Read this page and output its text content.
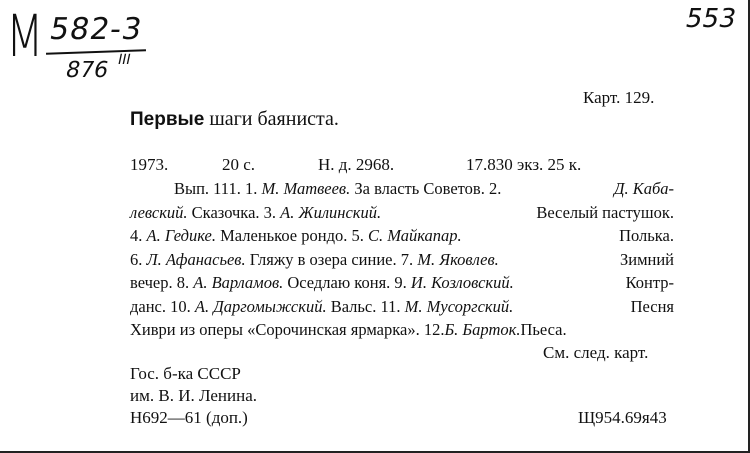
М 582-3
876 III
553
Карт. 129.
Первые шаги баяниста.
1973.	20 с.	Н. д. 2968.	17.830 экз. 25 к.
Вып. 111. 1. М. Матвеев. За власть Советов. 2.	Д. Каба-
левский. Сказочка. 3. А. Жилинский.	Веселый пастушок.
4. А. Гедике. Маленькое рондо. 5. С. Майкапар.	Полька.
6. Л. Афанасьев. Гляжу в озера синие. 7. М. Яковлев.	Зимний
вечер. 8. А. Варламов. Оседлаю коня. 9. И. Козловский.	Контр-
данс. 10. А. Даргомыжский. Вальс. 11. М. Мусоргский.	Песня
Хиври из оперы «Сорочинская ярмарка». 12. Б. Барток. Пьеса.
См. след. карт.
Гос. б-ка СССР
им. В. И. Ленина.
Н692—61 (доп.)	Щ954.69я43
